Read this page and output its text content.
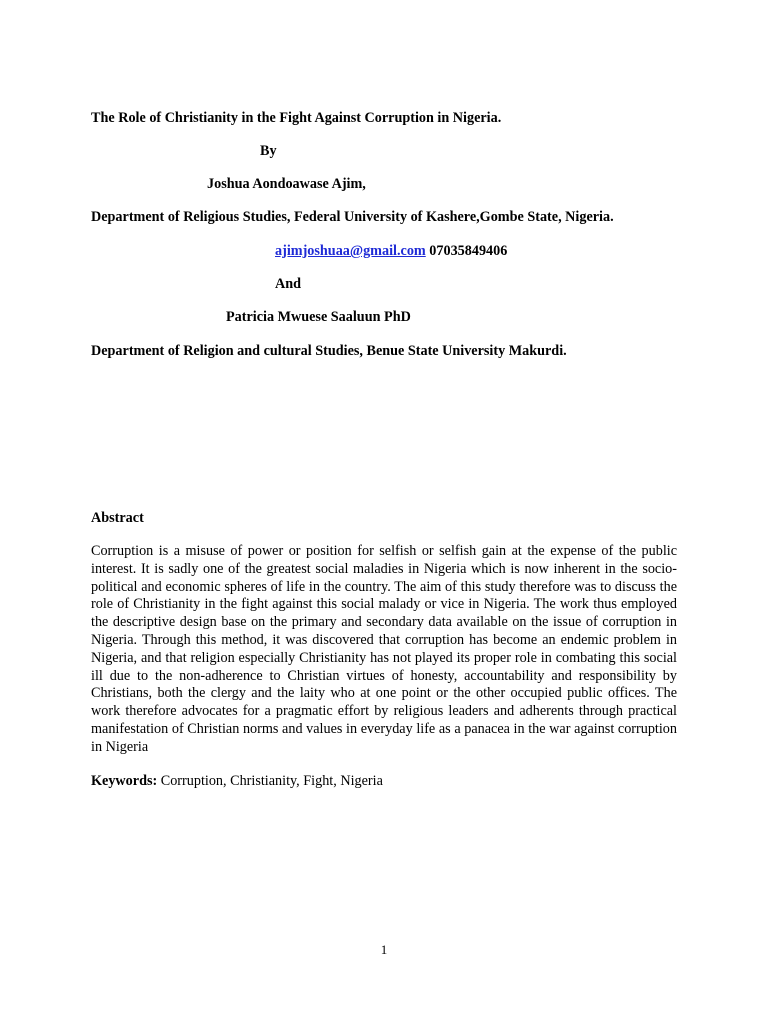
The Role of Christianity in the Fight Against Corruption in Nigeria.
By
Joshua Aondoawase Ajim,
Department of Religious Studies, Federal University of Kashere,Gombe State, Nigeria.
ajimjoshuaa@gmail.com 07035849406
And
Patricia Mwuese Saaluun PhD
Department of Religion and cultural Studies, Benue State University Makurdi.
Abstract
Corruption is a misuse of power or position for selfish or selfish gain at the expense of the public interest. It is sadly one of the greatest social maladies in Nigeria which is now inherent in the socio-political and economic spheres of life in the country. The aim of this study therefore was to discuss the role of Christianity in the fight against this social malady or vice in Nigeria. The work thus employed the descriptive design base on the primary and secondary data available on the issue of corruption in Nigeria. Through this method, it was discovered that corruption has become an endemic problem in Nigeria, and that religion especially Christianity has not played its proper role in combating this social ill due to the non-adherence to Christian virtues of honesty, accountability and responsibility by Christians, both the clergy and the laity who at one point or the other occupied public offices. The work therefore advocates for a pragmatic effort by religious leaders and adherents through practical manifestation of Christian norms and values in everyday life as a panacea in the war against corruption in Nigeria
Keywords: Corruption, Christianity, Fight, Nigeria
1
